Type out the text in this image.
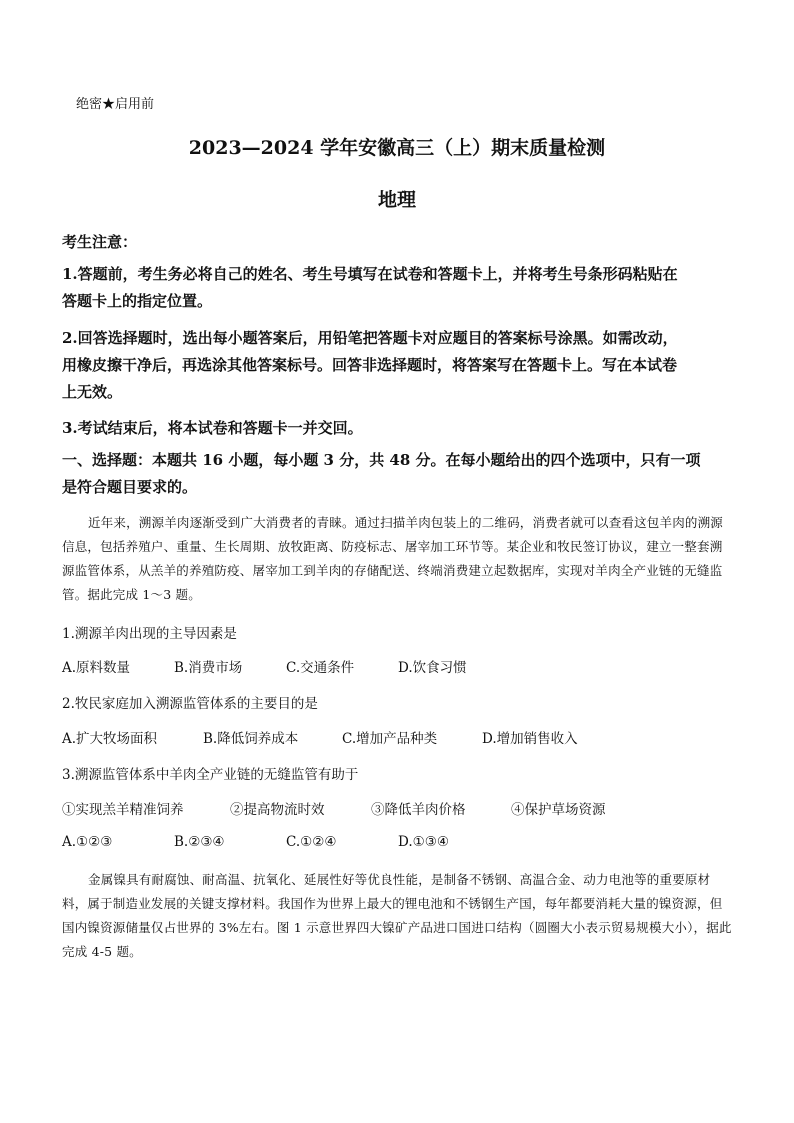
绝密★启用前
2023—2024 学年安徽高三（上）期末质量检测
地理
考生注意：
1.答题前，考生务必将自己的姓名、考生号填写在试卷和答题卡上，并将考生号条形码粘贴在
答题卡上的指定位置。
2.回答选择题时，选出每小题答案后，用铅笔把答题卡对应题目的答案标号涂黑。如需改动，
用橡皮擦干净后，再选涂其他答案标号。回答非选择题时，将答案写在答题卡上。写在本试卷
上无效。
3.考试结束后，将本试卷和答题卡一并交回。
一、选择题：本题共 16 小题，每小题 3 分，共 48 分。在每小题给出的四个选项中，只有一项
是符合题目要求的。
近年来，溯源羊肉逐渐受到广大消费者的青睐。通过扫描羊肉包装上的二维码，消费者就可以查看这包羊肉的溯源信息，包括养殖户、重量、生长周期、放牧距离、防疫标志、屠宰加工环节等。某企业和牧民签订协议，建立一整套溯源监管体系，从羔羊的养殖防疫、屠宰加工到羊肉的存储配送、终端消费建立起数据库，实现对羊肉全产业链的无缝监管。据此完成 1～3 题。
1.溯源羊肉出现的主导因素是
A.原料数量	B.消费市场	C.交通条件	D.饮食习惯
2.牧民家庭加入溯源监管体系的主要目的是
A.扩大牧场面积	B.降低饲养成本	C.增加产品种类	D.增加销售收入
3.溯源监管体系中羊肉全产业链的无缝监管有助于
①实现羔羊精准饲养	②提高物流时效	③降低羊肉价格	④保护草场资源
A.①②③	B.②③④	C.①②④	D.①③④
金属镍具有耐腐蚀、耐高温、抗氧化、延展性好等优良性能，是制备不锈钢、高温合金、动力电池等的重要原材料，属于制造业发展的关键支撑材料。我国作为世界上最大的锂电池和不锈钢生产国，每年都要消耗大量的镍资源，但国内镍资源储量仅占世界的 3%左右。图 1 示意世界四大镍矿产品进口国进口结构（圆圈大小表示贸易规模大小），据此完成 4-5 题。
